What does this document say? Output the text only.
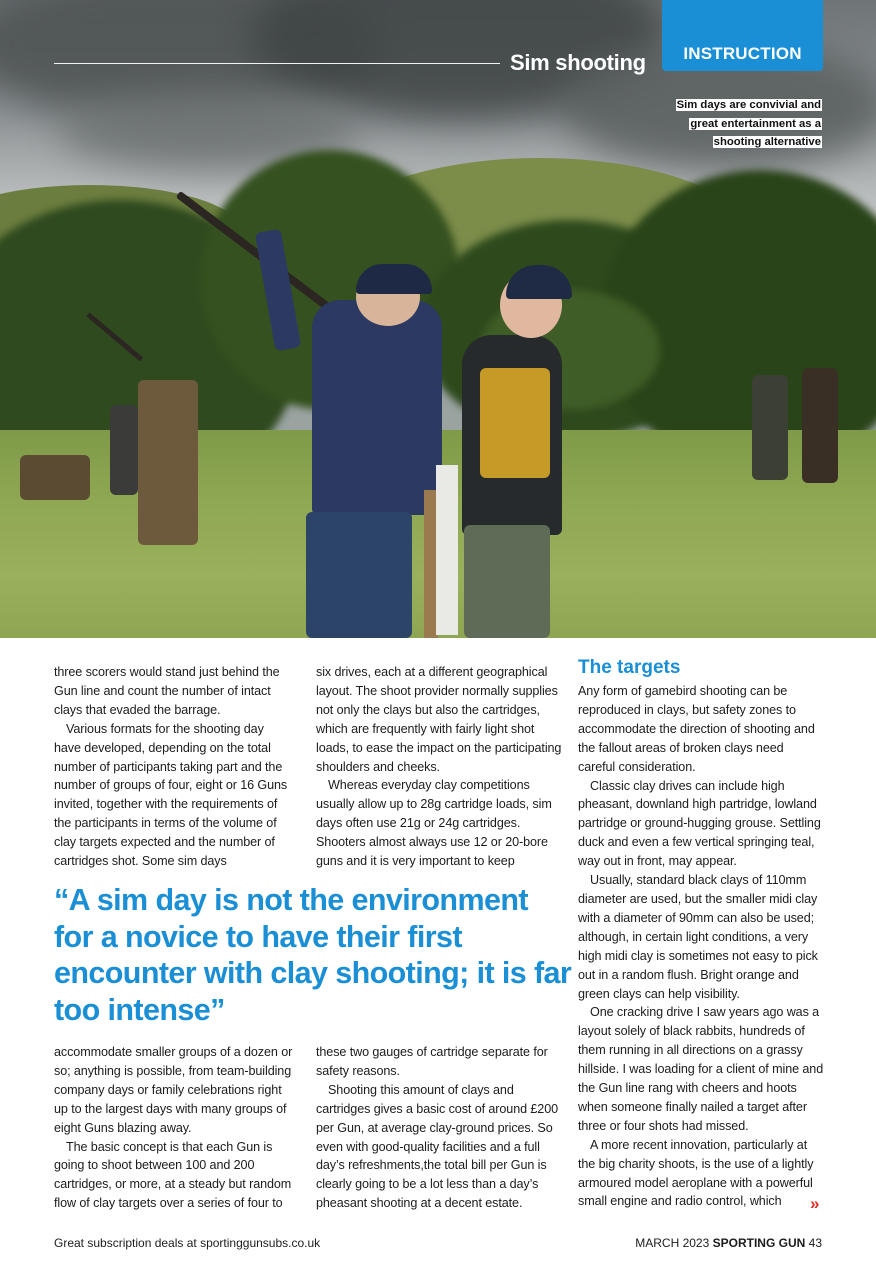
Sim shooting	INSTRUCTION
Sim days are convivial and great entertainment as a shooting alternative

three scorers would stand just behind the Gun line and count the number of intact clays that evaded the barrage.

Various formats for the shooting day have developed, depending on the total number of participants taking part and the number of groups of four, eight or 16 Guns invited, together with the requirements of the participants in terms of the volume of clay targets expected and the number of cartridges shot. Some sim days

six drives, each at a different geographical layout. The shoot provider normally supplies not only the clays but also the cartridges, which are frequently with fairly light shot loads, to ease the impact on the participating shoulders and cheeks.

Whereas everyday clay competitions usually allow up to 28g cartridge loads, sim days often use 21g or 24g cartridges. Shooters almost always use 12 or 20-bore guns and it is very important to keep

“A sim day is not the environment for a novice to have their first encounter with clay shooting; it is far too intense”

accommodate smaller groups of a dozen or so; anything is possible, from team-building company days or family celebrations right up to the largest days with many groups of eight Guns blazing away.

The basic concept is that each Gun is going to shoot between 100 and 200 cartridges, or more, at a steady but random flow of clay targets over a series of four to

these two gauges of cartridge separate for safety reasons.

Shooting this amount of clays and cartridges gives a basic cost of around £200 per Gun, at average clay-ground prices. So even with good-quality facilities and a full day’s refreshments,the total bill per Gun is clearly going to be a lot less than a day’s pheasant shooting at a decent estate.

The targets

Any form of gamebird shooting can be reproduced in clays, but safety zones to accommodate the direction of shooting and the fallout areas of broken clays need careful consideration.

Classic clay drives can include high pheasant, downland high partridge, lowland partridge or ground-hugging grouse. Settling duck and even a few vertical springing teal, way out in front, may appear.

Usually, standard black clays of 110mm diameter are used, but the smaller midi clay with a diameter of 90mm can also be used; although, in certain light conditions, a very high midi clay is sometimes not easy to pick out in a random flush. Bright orange and green clays can help visibility.

One cracking drive I saw years ago was a layout solely of black rabbits, hundreds of them running in all directions on a grassy hillside. I was loading for a client of mine and the Gun line rang with cheers and hoots when someone finally nailed a target after three or four shots had missed.

A more recent innovation, particularly at the big charity shoots, is the use of a lightly armoured model aeroplane with a powerful small engine and radio control, which	»
Great subscription deals at sportinggunsubs.co.uk	MARCH 2023 SPORTING GUN 43
